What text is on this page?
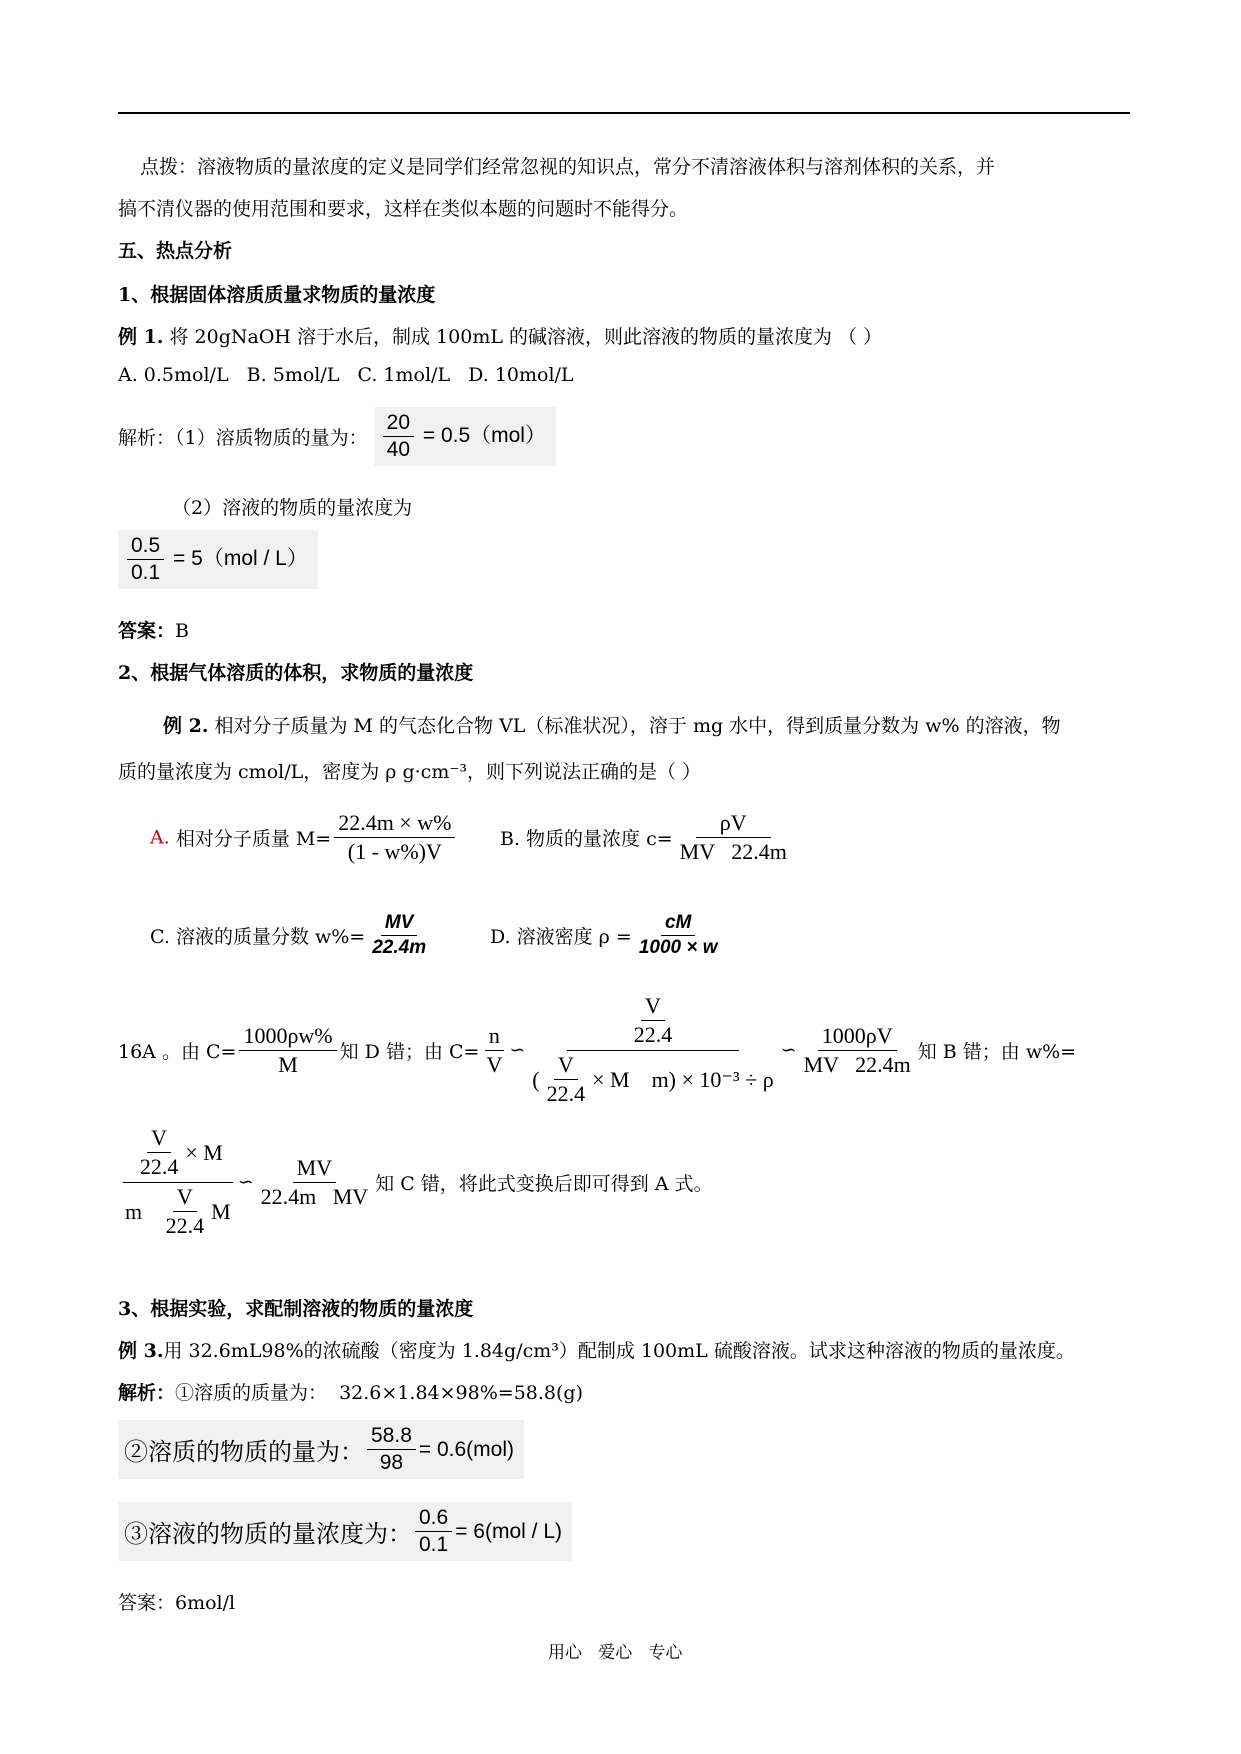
点拨：溶液物质的量浓度的定义是同学们经常忽视的知识点，常分不清溶液体积与溶剂体积的关系，并
搞不清仪器的使用范围和要求，这样在类似本题的问题时不能得分。
五、热点分析
1、根据固体溶质质量求物质的量浓度
例 1. 将 20gNaOH 溶于水后，制成 100mL 的碱溶液，则此溶液的物质的量浓度为 （ ）
A. 0.5mol/L   B. 5mol/L   C. 1mol/L   D. 10mol/L
解析：（1）溶质物质的量为： $\frac{20}{40} = 0.5(mol)$
（2）溶液的物质的量浓度为
$\frac{0.5}{0.1} = 5(mol / L)$
答案：B
2、根据气体溶质的体积，求物质的量浓度
例 2. 相对分子质量为 M 的气态化合物 VL（标准状况），溶于 mg 水中，得到质量分数为 w% 的溶液，物
质的量浓度为 cmol/L，密度为 ρ g·cm⁻³，则下列说法正确的是（ ）
A. 相对分子质量 $M= \frac{22.4m \times w\%}{(1 - w\%)V} B$. 物质的量浓度 $c= \frac{\rho V}{MV 22.4m}$
C. 溶液的质量分数 $w\%= \frac{MV}{22.4m}$	D. 溶液密度 $\rho = \frac{cM}{1000 \times w}$
16A 。由 $C= \frac{1000\rho w\%}{M}$ 知 D 错；由 $C= \frac{n}{V}$ ∽ $\frac{\frac{V}{22.4}}{( \frac{V}{22.4} \times M m) \times 10^{-3} \div \rho}$ ∽ $\frac{1000\rho V}{MV 22.4m}$ 知 B 错；由 w%=
$\frac{V}{22.4} \times M$
m
$\frac{V}{22.4}$ M ∽ $\frac{MV}{\text{22.4m   MV}}$ 知 C 错，将此式变换后即可得到 A 式。
3、根据实验，求配制溶液的物质的量浓度
例 3.用 32.6mL98%的浓硫酸（密度为 1.84g/cm³）配制成 100mL 硫酸溶液。试求这种溶液的物质的量浓度。
解析：①溶质的质量为：  32.6×1.84×98%=58.8(g)
②溶质的物质的量为： $\frac{58.8}{98} = 0.6(mol)$
③溶液的物质的量浓度为： $\frac{0.6}{0.1} = 6(mol / L)$
答案：6mol/l
用心   爱心   专心
